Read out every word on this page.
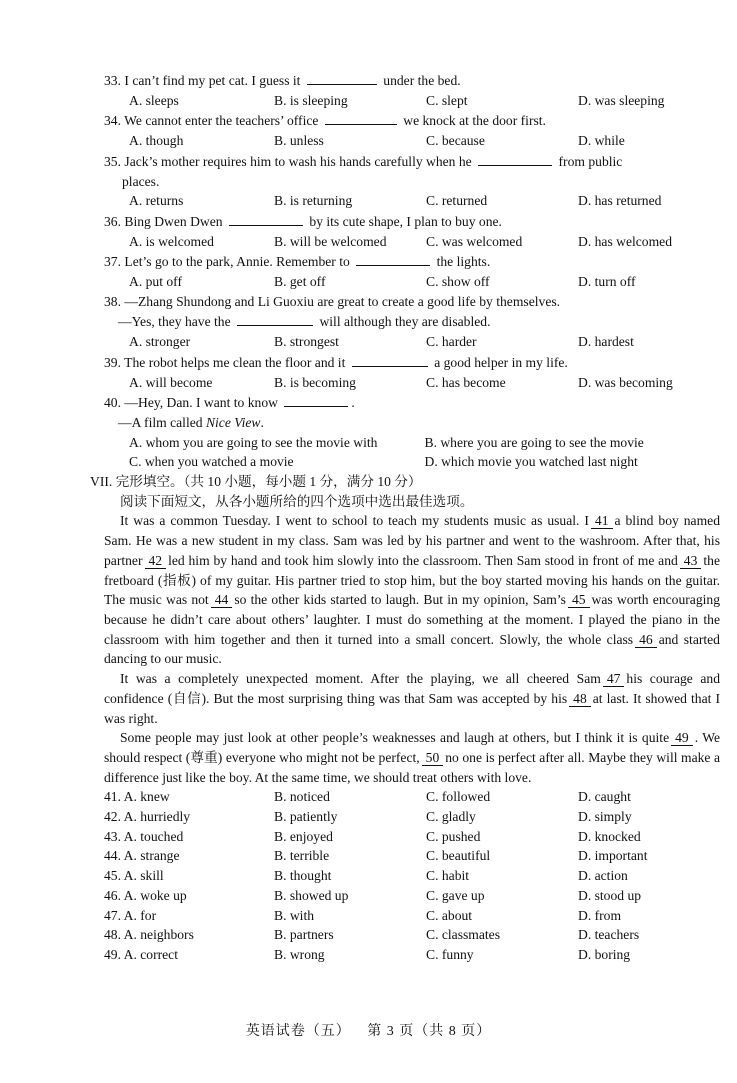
33. I can’t find my pet cat. I guess it	under the bed.
A. sleeps	B. is sleeping	C. slept	D. was sleeping
34. We cannot enter the teachers’ office	we knock at the door first.
A. though	B. unless	C. because	D. while
35. Jack’s mother requires him to wash his hands carefully when he	from public
places.
A. returns	B. is returning	C. returned	D. has returned
36. Bing Dwen Dwen	by its cute shape, I plan to buy one.
A. is welcomed	B. will be welcomed	C. was welcomed	D. has welcomed
37. Let’s go to the park, Annie. Remember to	the lights.
A. put off	B. get off	C. show off	D. turn off
38. —Zhang Shundong and Li Guoxiu are great to create a good life by themselves.
—Yes, they have the	will although they are disabled.
A. stronger	B. strongest	C. harder	D. hardest
39. The robot helps me clean the floor and it	a good helper in my life.
A. will become	B. is becoming	C. has become	D. was becoming
40. —Hey, Dan. I want to know	.
—A film called Nice View.
A. whom you are going to see the movie with	B. where you are going to see the movie
C. when you watched a movie	D. which movie you watched last night
VII. 完形填空。（共 10 小题，每小题 1 分，满分 10 分）
阅读下面短文，从各小题所给的四个选项中选出最佳选项。
It was a common Tuesday. I went to school to teach my students music as usual. I 41 a blind boy named Sam. He was a new student in my class. Sam was led by his partner and went to the washroom. After that, his partner 42 led him by hand and took him slowly into the classroom. Then Sam stood in front of me and 43 the fretboard (指板) of my guitar. His partner tried to stop him, but the boy started moving his hands on the guitar. The music was not 44 so the other kids started to laugh. But in my opinion, Sam’s 45 was worth encouraging because he didn’t care about others’ laughter. I must do something at the moment. I played the piano in the classroom with him together and then it turned into a small concert. Slowly, the whole class 46 and started dancing to our music.
It was a completely unexpected moment. After the playing, we all cheered Sam 47 his courage and confidence (自信). But the most surprising thing was that Sam was accepted by his 48 at last. It showed that I was right.
Some people may just look at other people’s weaknesses and laugh at others, but I think it is quite 49 . We should respect (尊重) everyone who might not be perfect, 50 no one is perfect after all. Maybe they will make a difference just like the boy. At the same time, we should treat others with love.
41. A. knew	B. noticed	C. followed	D. caught
42. A. hurriedly	B. patiently	C. gladly	D. simply
43. A. touched	B. enjoyed	C. pushed	D. knocked
44. A. strange	B. terrible	C. beautiful	D. important
45. A. skill	B. thought	C. habit	D. action
46. A. woke up	B. showed up	C. gave up	D. stood up
47. A. for	B. with	C. about	D. from
48. A. neighbors	B. partners	C. classmates	D. teachers
49. A. correct	B. wrong	C. funny	D. boring
英语试卷（五） 第 3 页（共 8 页）
